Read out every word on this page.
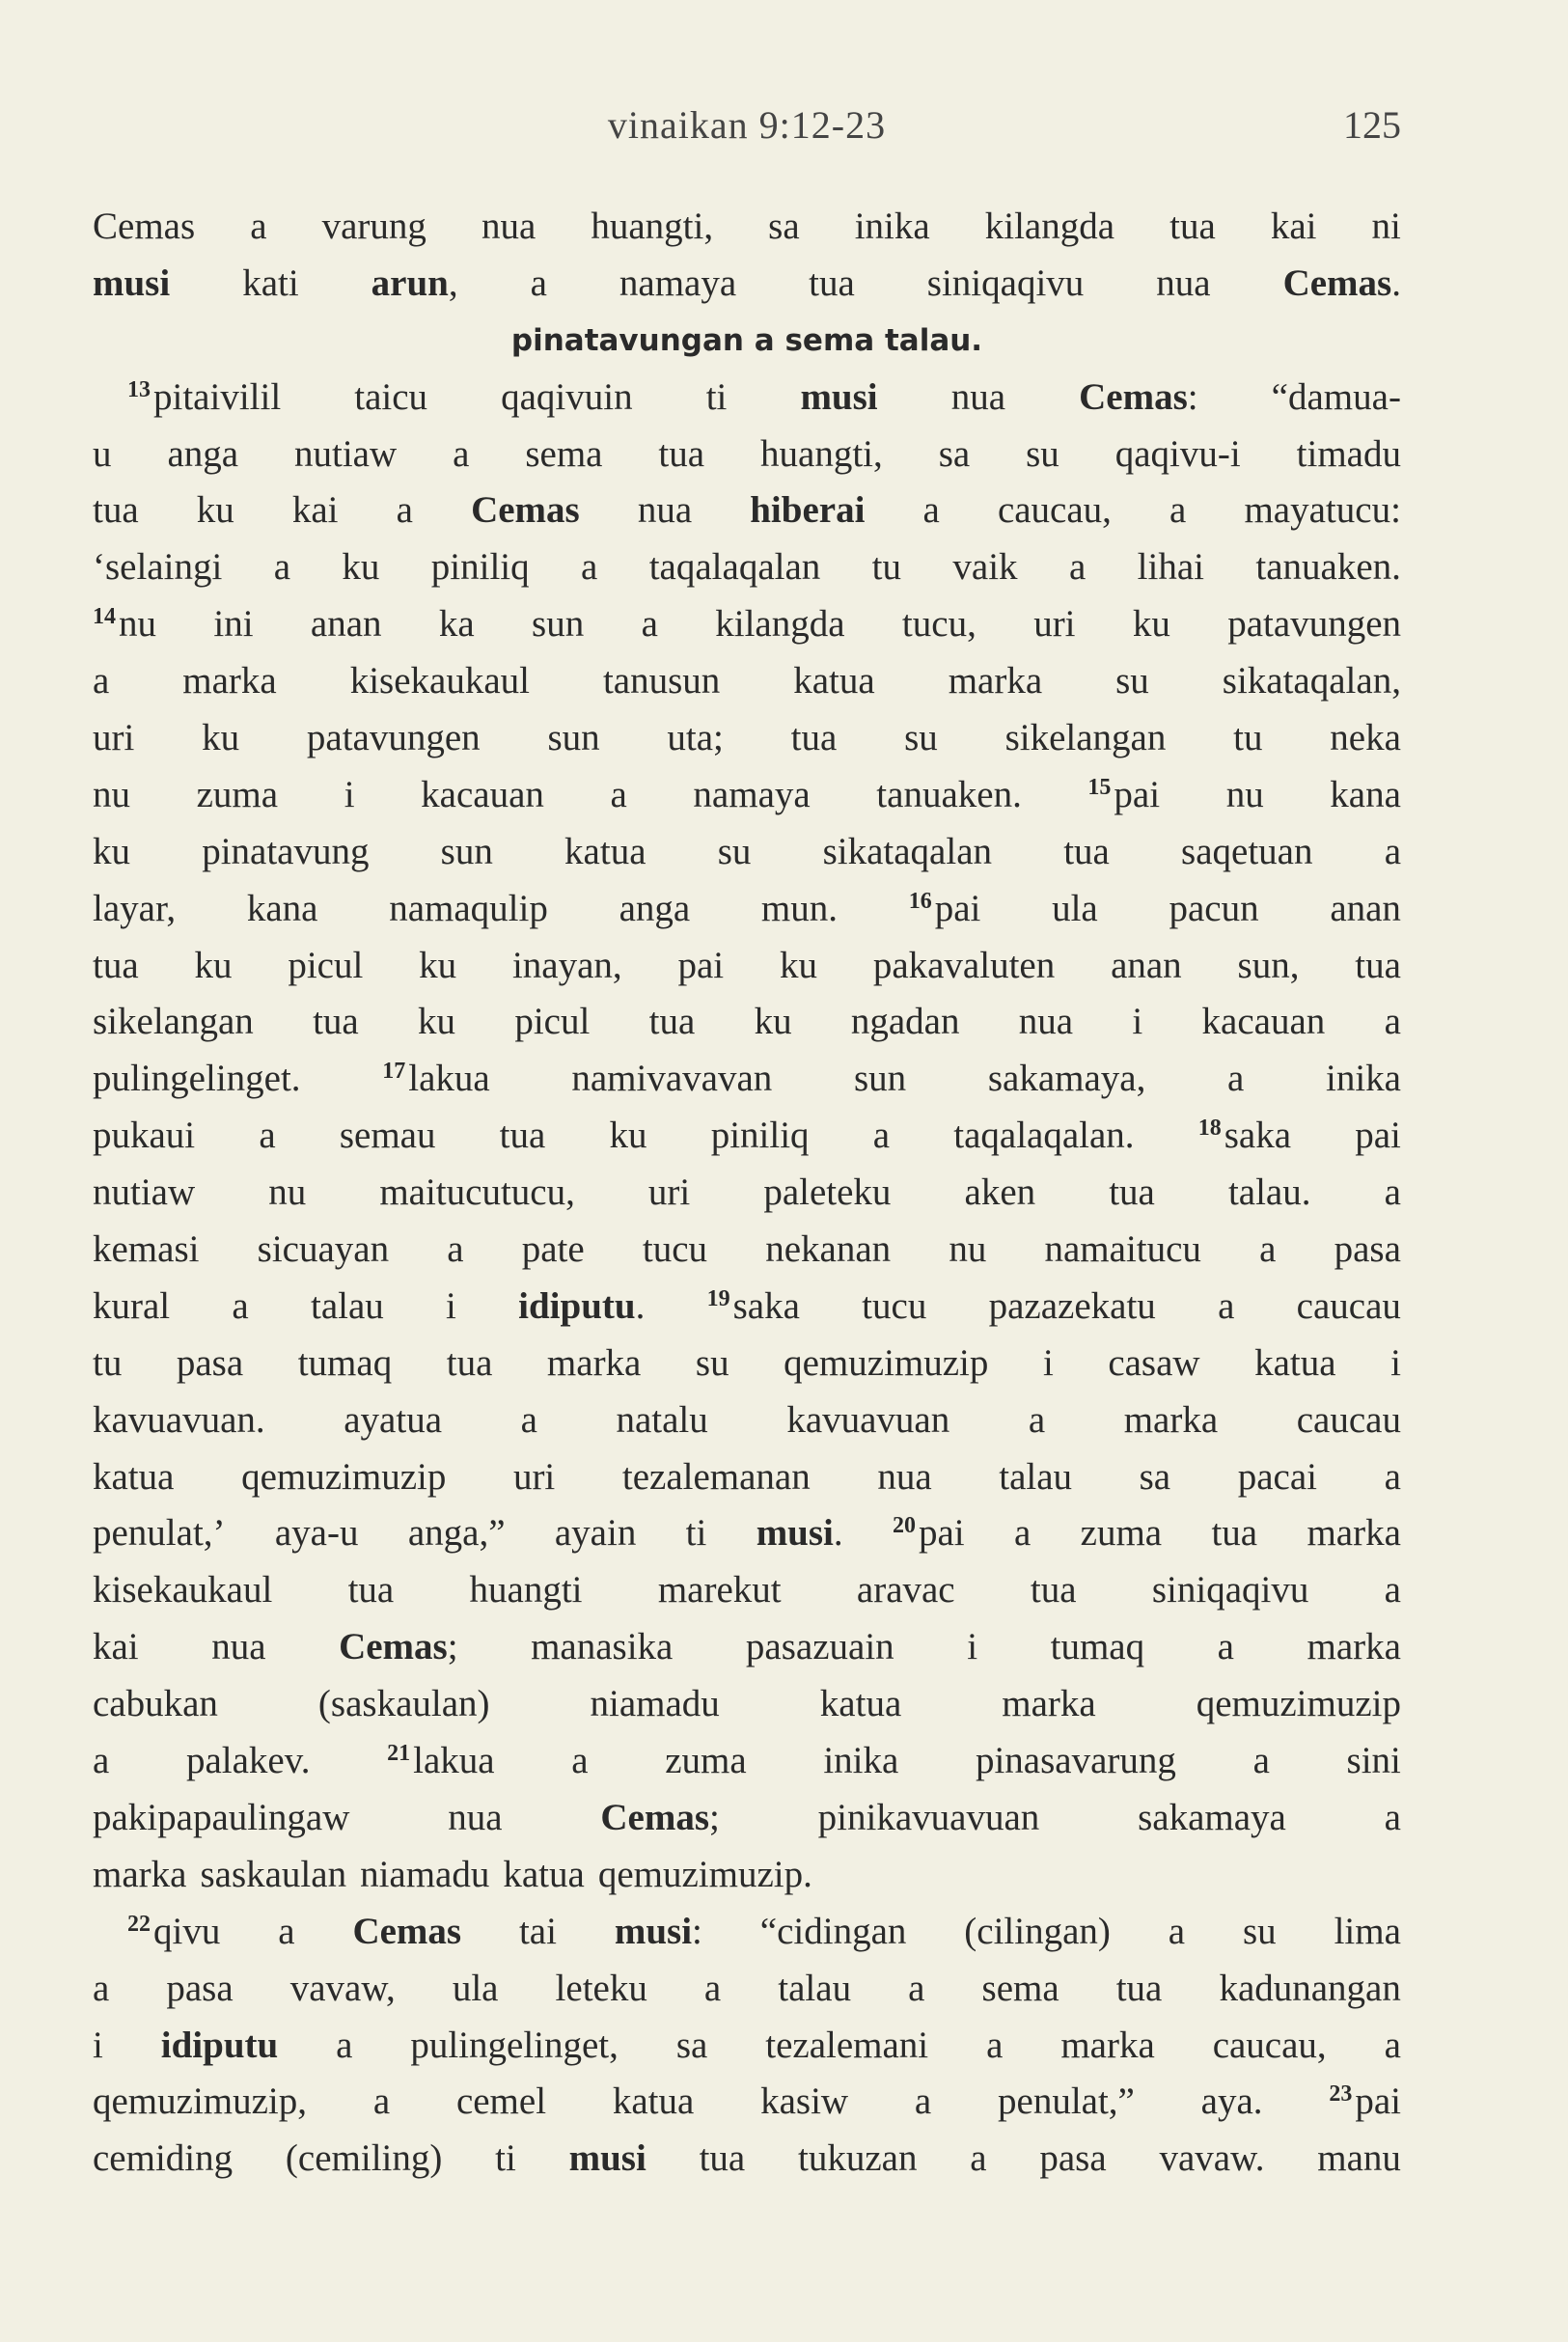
vinaikan 9:12-23	125
Cemas a varung nua huangti, sa inika kilangda tua kai ni
musi kati arun, a namaya tua siniqaqivu nua Cemas.
pinatavungan a sema talau.
$^{13}$pitaivilil taicu qaqivuin ti musi nua Cemas: “damua-
u anga nutiaw a sema tua huangti, sa su qaqivu-i timadu
tua ku kai a Cemas nua hiberai a caucau, a mayatucu:
‘selaingi a ku piniliq a taqalaqalan tu vaik a lihai tanuaken.
$^{14}$nu ini anan ka sun a kilangda tucu, uri ku patavungen
a marka kisekaukaul tanusun katua marka su sikataqalan,
uri ku patavungen sun uta; tua su sikelangan tu neka
nu zuma i kacauan a namaya tanuaken.	$^{15}$pai nu kana
ku pinatavung sun katua su sikataqalan tua saqetuan a
layar, kana namaqulip anga mun.	$^{16}$pai ula pacun anan
tua ku picul ku inayan, pai ku pakavaluten anan sun, tua
sikelangan tua ku picul tua ku ngadan nua i kacauan a
pulingelinget.	$^{17}$lakua namivavavan sun sakamaya, a inika
pukaui a semau tua ku piniliq a taqalaqalan.	$^{18}$saka pai
nutiaw nu maitucutucu, uri paleteku aken tua talau. a
kemasi sicuayan a pate tucu nekanan nu namaitucu a pasa
kural a talau i idiputu.	$^{19}$saka tucu pazazekatu a caucau
tu pasa tumaq tua marka su qemuzimuzip i casaw katua i
kavuavuan. ayatua a natalu kavuavuan a marka caucau
katua qemuzimuzip uri tezalemanan nua talau sa pacai a
penulat,’ aya-u anga,” ayain ti musi. $^{20}$pai a zuma tua marka
kisekaukaul tua huangti marekut aravac tua siniqaqivu a
kai nua Cemas; manasika pasazuain i tumaq a marka
cabukan	(saskaulan)	niamadu	katua	marka	qemuzimuzip
a palakev.	$^{21}$lakua a zuma inika pinasavarung a sini
pakipapaulingaw	nua	Cemas;	pinikavuavuan	sakamaya	a
marka saskaulan niamadu katua qemuzimuzip.
$^{22}$qivu a Cemas tai musi: “cidingan (cilingan) a su lima
a pasa vavaw, ula leteku a talau a sema tua kadunangan
i idiputu a pulingelinget, sa tezalemani a marka caucau, a
qemuzimuzip, a cemel katua kasiw a penulat,” aya.	$^{23}$pai
cemiding (cemiling) ti musi tua tukuzan a pasa vavaw. manu
